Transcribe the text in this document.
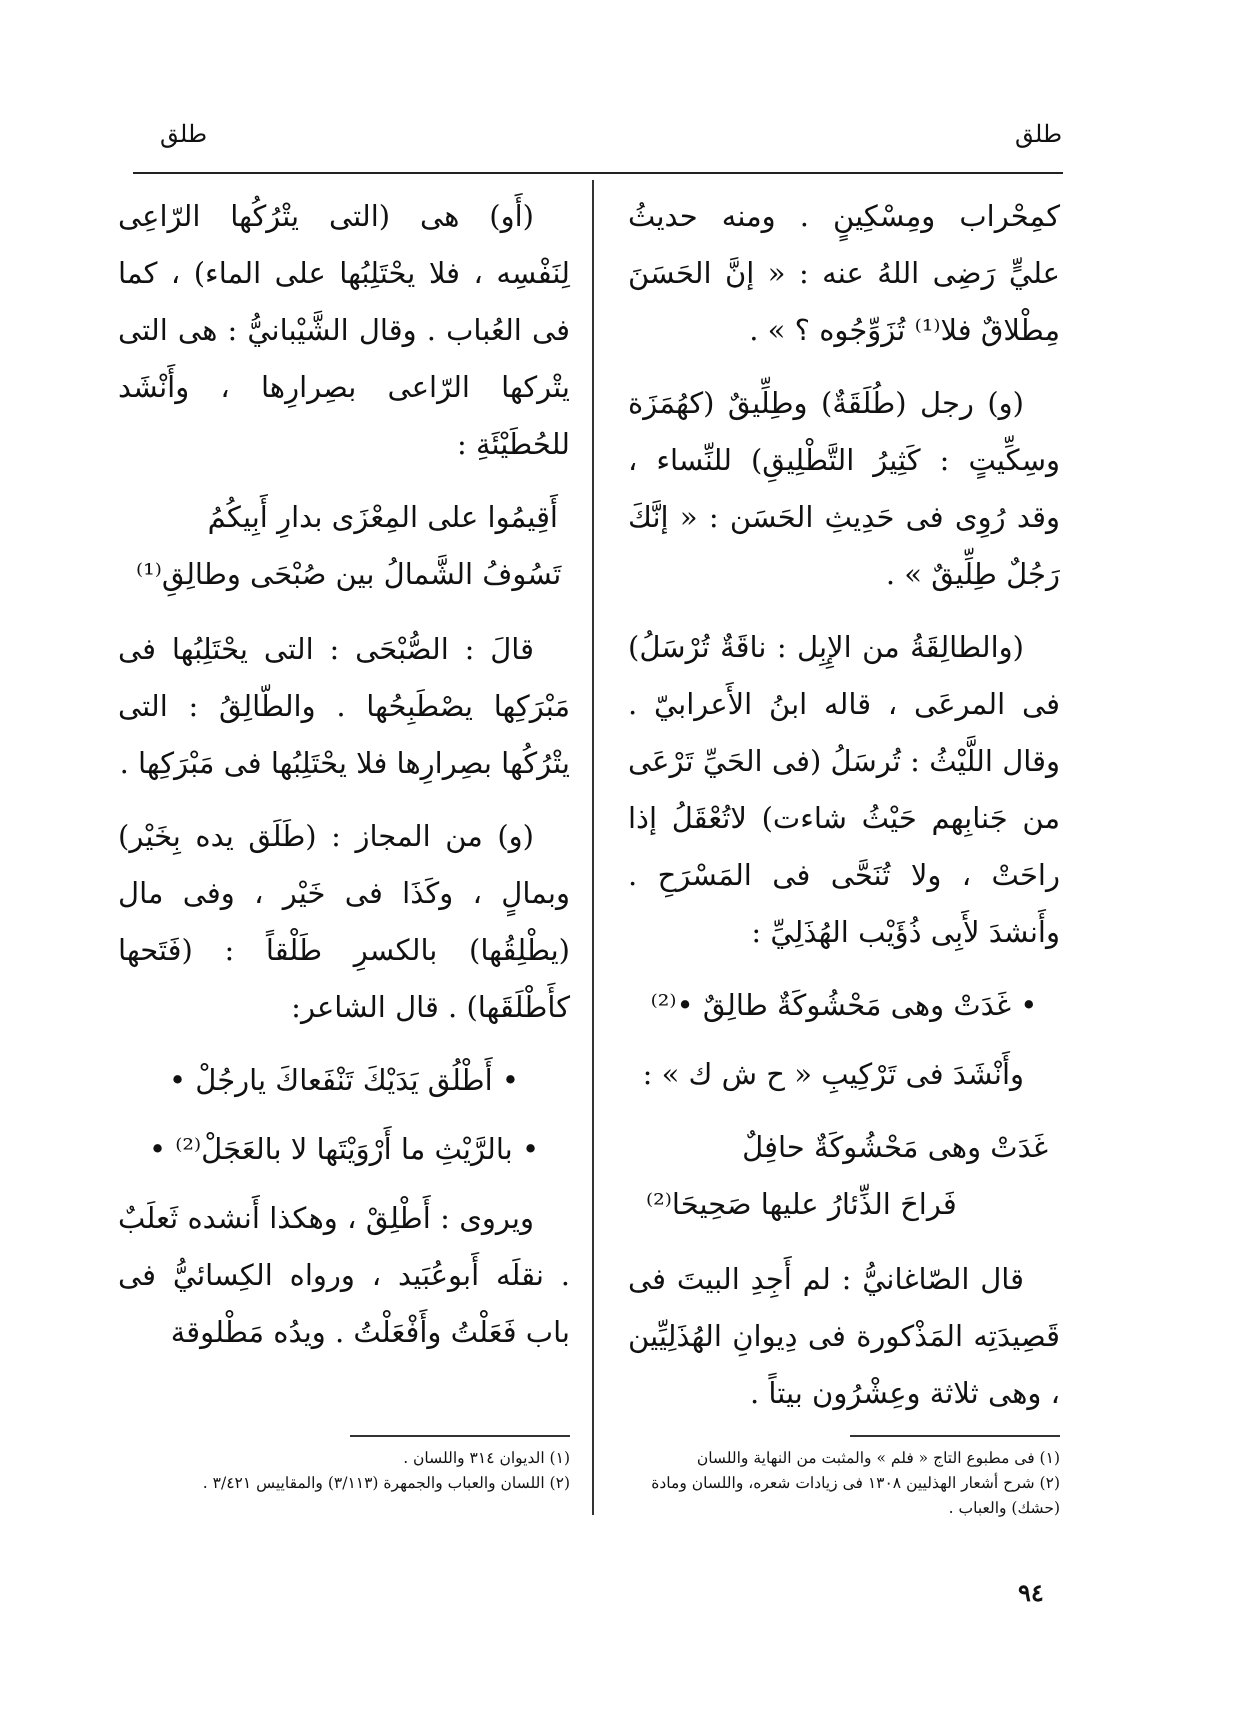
طلق
طلق

كمِحْراب ومِسْكِينٍ . ومنه حديثُ عليٍّ رَضِى اللهُ عنه : « إنَّ الحَسَنَ مِطْلاقٌ فلا⁽¹⁾ تُزَوِّجُوه ؟ » .

(و) رجل (طُلَقَةٌ) وطِلِّيقٌ (كهُمَزَة وسِكِّيتٍ : كَثِيرُ التَّطْلِيقِ) للنِّساء ، وقد رُوِى فى حَدِيثِ الحَسَن : « إنَّكَ رَجُلٌ طِلِّيقٌ » .

(والطالِقَةُ من الإِبِل : ناقَةٌ تُرْسَلُ) فى المرعَى ، قاله ابنُ الأَعرابيّ . وقال اللَّيْثُ : تُرسَلُ (فى الحَيِّ تَرْعَى من جَنابِهم حَيْثُ شاءت) لاتُعْقَلُ إذا راحَتْ ، ولا تُنَحَّى فى المَسْرَحِ . وأَنشدَ لأَبِى ذُؤَيْب الهُذَلِيِّ :

• غَدَتْ وهى مَحْشُوكَةٌ طالِقٌ •⁽²⁾

وأَنْشَدَ فى تَرْكِيبِ « ح ش ك » :

غَدَتْ وهى مَحْشُوكَةٌ حافِلٌ
فَراحَ الذِّئارُ عليها صَحِيحَا⁽²⁾

قال الصّاغانيُّ : لم أَجِدِ البيتَ فى قَصِيدَتِه المَذْكورة فى دِيوانِ الهُذَلِيِّين ، وهى ثلاثة وعِشْرُون بيتاً .

(أَو) هى (التى يتْرُكُها الرّاعِى لِنَفْسِه ، فلا يحْتَلِبُها على الماء) ، كما فى العُباب . وقال الشَّيْبانيُّ : هى التى يتْركها الرّاعى بصِرارِها ، وأَنْشَد للحُطَيْئَةِ :

أَقِيمُوا على المِعْزَى بدارِ أَبِيكُمُ
تَسُوفُ الشَّمالُ بين صُبْحَى وطالِقِ⁽¹⁾

قالَ : الصُّبْحَى : التى يحْتَلِبُها فى مَبْرَكِها يصْطَبِحُها . والطّالِقُ : التى يتْرُكُها بصِرارِها فلا يحْتَلِبُها فى مَبْرَكِها .

(و) من المجاز : (طَلَق يده بِخَيْر) وبمالٍ ، وكَذَا فى خَيْر ، وفى مال (يطْلِقُها) بالكسرِ طَلْقاً : (فَتَحها كأَطْلَقَها) . قال الشاعر:

• أَطْلُق يَدَيْكَ تَنْفَعاكَ يارجُلْ •
• بالرَّيْثِ ما أَرْوَيْتَها لا بالعَجَلْ⁽²⁾ •

ويروى : أَطْلِقْ ، وهكذا أَنشده ثَعلَبٌ . نقلَه أَبوعُبَيد ، ورواه الكِسائيُّ فى باب فَعَلْتُ وأَفْعَلْتُ . ويدُه مَطْلوقة

(١) فى مطبوع التاج « فلم » والمثبت من النهاية واللسان
(٢) شرح أشعار الهذليين ١٣٠٨ فى زيادات شعره، واللسان ومادة (حشك) والعباب .
(١) الديوان ٣١٤ واللسان .
(٢) اللسان والعباب والجمهرة (٣/١١٣) والمقاييس ٣/٤٢١ .
٩٤
